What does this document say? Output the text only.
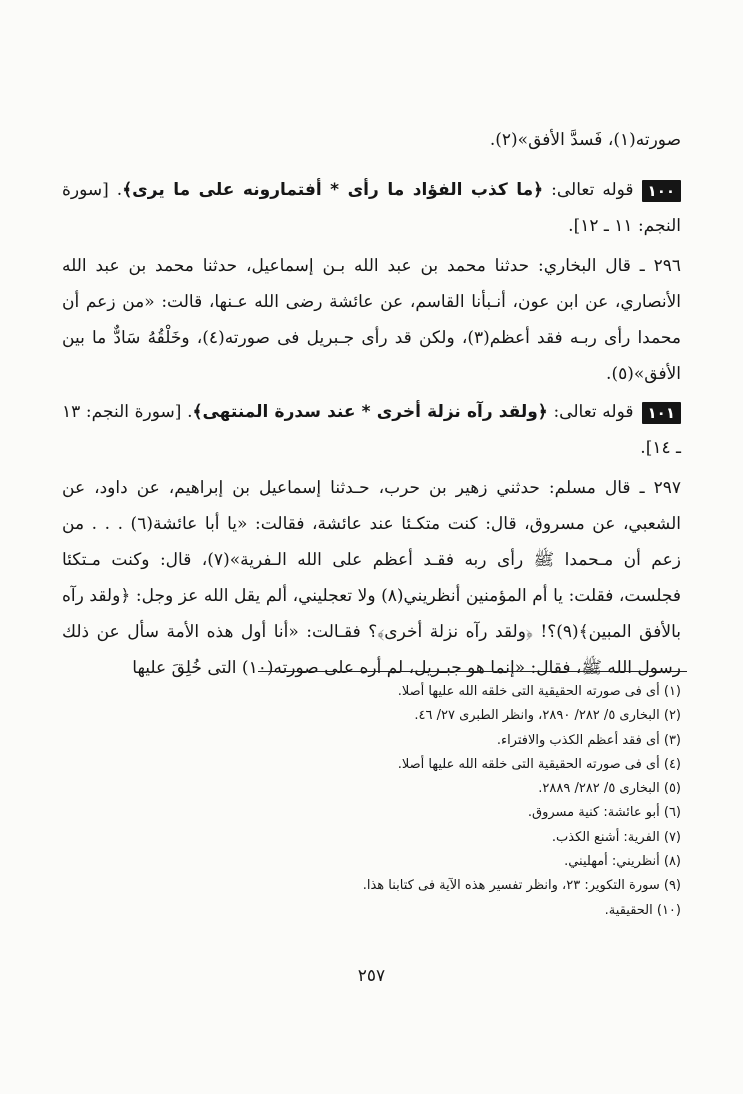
صورته(١)، فَسدَّ الأفق»(٢).

١٠٠قوله تعالى: ﴿ما كذب الفؤاد ما رأى * أفتمارونه على ما يرى﴾. [سورة النجم: ١١ ـ ١٢].

٢٩٦ ـ قال البخاري: حدثنا محمد بن عبد الله بـن إسماعيل، حدثنا محمد بن عبد الله الأنصاري، عن ابن عون، أنـبأنا القاسم، عن عائشة رضى الله عـنها، قالت: «من زعم أن محمدا رأى ربـه فقد أعظم(٣)، ولكن قد رأى جـبريل فى صورته(٤)، وخَلْقُهُ سَادٌّ ما بين الأفق»(٥).

١٠١قوله تعالى: ﴿ولقد رآه نزلة أخرى * عند سدرة المنتهى﴾. [سورة النجم: ١٣ ـ ١٤].

٢٩٧ ـ قال مسلم: حدثني زهير بن حرب، حـدثنا إسماعيل بن إبراهيم، عن داود، عن الشعبي، عن مسروق، قال: كنت متكـئا عند عائشة، فقالت: «يا أبا عائشة(٦) . . . من زعم أن مـحمدا ﷺ رأى ربه فقـد أعظم على الله الـفرية»(٧)، قال: وكنت مـتكئا فجلست، فقلت: يا أم المؤمنين أنظريني(٨) ولا تعجليني، ألم يقل الله عز وجل: ﴿ولقد رآه بالأفق المبين﴾(٩)؟! ﴿ولقد رآه نزلة أخرى﴾؟ فقـالت: «أنا أول هذه الأمة سأل عن ذلك رسول الله ﷺ، فقال: «إنما هو جبـريل، لم أره على صورته(١٠) التى خُلِقَ عليها

(١) أى فى صورته الحقيقية التى خلقه الله عليها أصلا.
(٢) البخارى ٥/ ٢٨٢/ ٢٨٩٠، وانظر الطبرى ٢٧/ ٤٦.
(٣) أى فقد أعظم الكذب والافتراء.
(٤) أى فى صورته الحقيقية التى خلقه الله عليها أصلا.
(٥) البخارى ٥/ ٢٨٢/ ٢٨٨٩.
(٦) أبو عائشة: كنية مسروق.
(٧) الفرية: أشنع الكذب.
(٨) أنظريني: أمهليني.
(٩) سورة التكوير: ٢٣، وانظر تفسير هذه الآية فى كتابنا هذا.
(١٠) الحقيقية.
٢٥٧
